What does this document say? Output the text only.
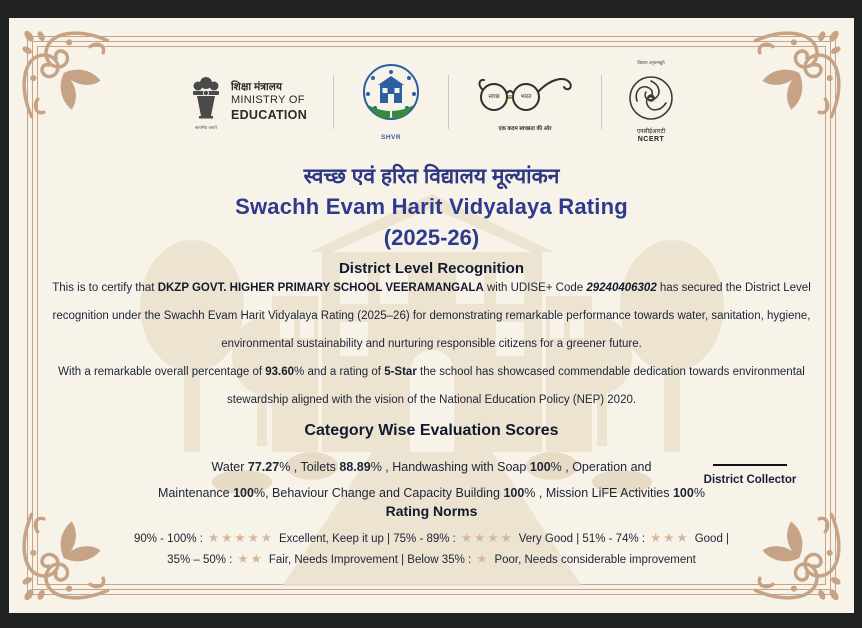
सत्यमेव जयते
शिक्षा मंत्रालय
MINISTRY OF
EDUCATION
SHVR
स्वच्छ	भारत
एक कदम स्वच्छता की ओर
विद्यया ऽमृतमश्नुते
एनसीईआरटी
NCERT
स्वच्छ एवं हरित विद्यालय मूल्यांकन
Swachh Evam Harit Vidyalaya Rating
(2025-26)
District Level Recognition

This is to certify that DKZP GOVT. HIGHER PRIMARY SCHOOL VEERAMANGALA with UDISE+ Code 29240406302 has secured the District Level recognition under the Swachh Evam Harit Vidyalaya Rating (2025–26) for demonstrating remarkable performance towards water, sanitation, hygiene, environmental sustainability and nurturing responsible citizens for a greener future.

With a remarkable overall percentage of 93.60% and a rating of 5-Star the school has showcased commendable dedication towards environmental stewardship aligned with the vision of the National Education Policy (NEP) 2020.

Category Wise Evaluation Scores
Water 77.27% , Toilets 88.89% , Handwashing with Soap 100% , Operation and
Maintenance 100%, Behaviour Change and Capacity Building 100% , Mission LiFE Activities 100%
Rating Norms
90% - 100% : ★★★★★ Excellent, Keep it up | 75% - 89% : ★★★★ Very Good | 51% - 74% : ★★★ Good |
35% – 50% : ★★ Fair, Needs Improvement | Below 35% : ★ Poor, Needs considerable improvement
District Collector
